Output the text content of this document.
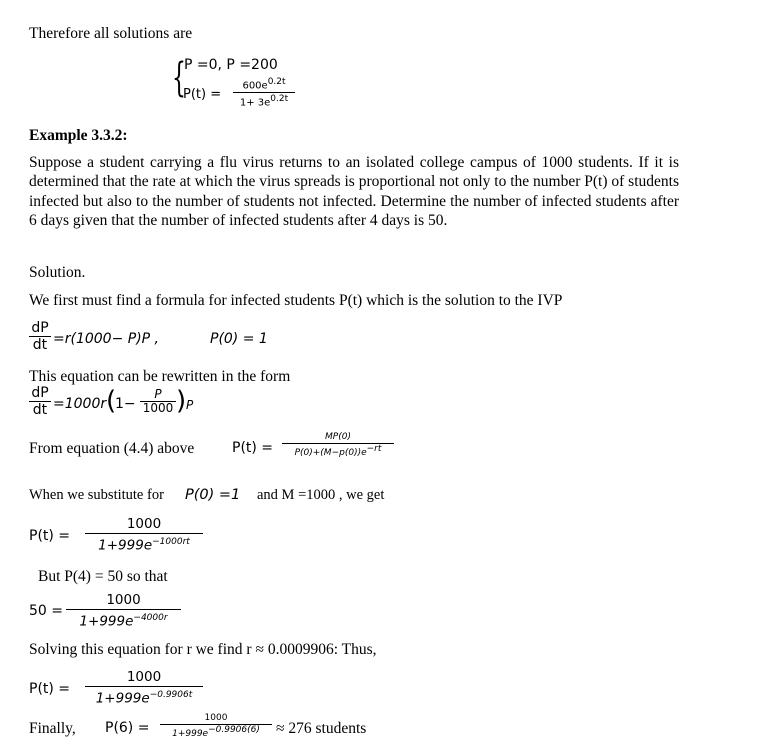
Therefore all solutions are
{
P =0, P =200
P(t) =
$600e^{0.2t}$
$1+ 3e^{0.2t}$
Example 3.3.2:
Suppose a student carrying a flu virus returns to an isolated college campus of 1000 students. If it is determined that the rate at which the virus spreads is proportional not only to the number P(t) of students infected but also to the number of students not infected. Determine the number of infected students after 6 days given that the number of infected students after 4 days is 50.
Solution.
We first must find a formula for infected students P(t) which is the solution to the IVP
dP
dt =r(1000− P)P ,	P(0) = 1
This equation can be rewritten in the form
dP
dt =1000r (
1−
P
1000 ) P
From equation (4.4) above	P(t) =
MP(0)
$P(0)+(M-p(0))e^{-rt}$
When we substitute for P(0) =1 and M =1000 , we get
P(t) =
1000
$1+999e^{-1000rt}$
But P(4) = 50 so that
50 =
1000
$1+999e^{-4000r}$
Solving this equation for r we find r ≈ 0.0009906: Thus,
P(t) =
1000
$1+999e^{-0.9906t}$
Finally, P(6) =
1000
$1+999e^{-0.9906(6)}$	≈ 276 students
